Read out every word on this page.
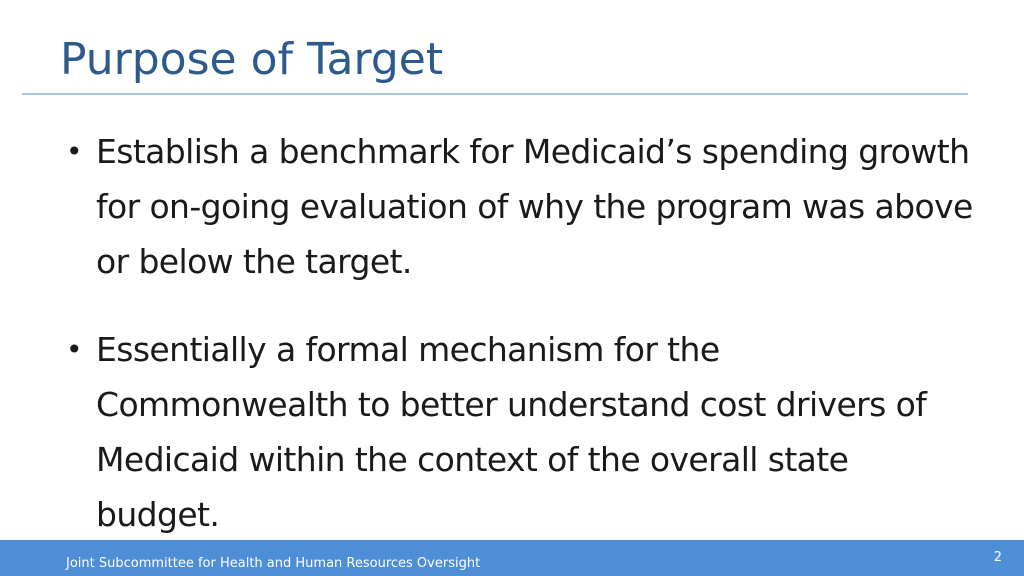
Purpose of Target
• Establish a benchmark for Medicaid’s spending growth for on-going evaluation of why the program was above or below the target.
• Essentially a formal mechanism for the Commonwealth to better understand cost drivers of Medicaid within the context of the overall state budget.
Joint Subcommittee for Health and Human Resources Oversight	2
